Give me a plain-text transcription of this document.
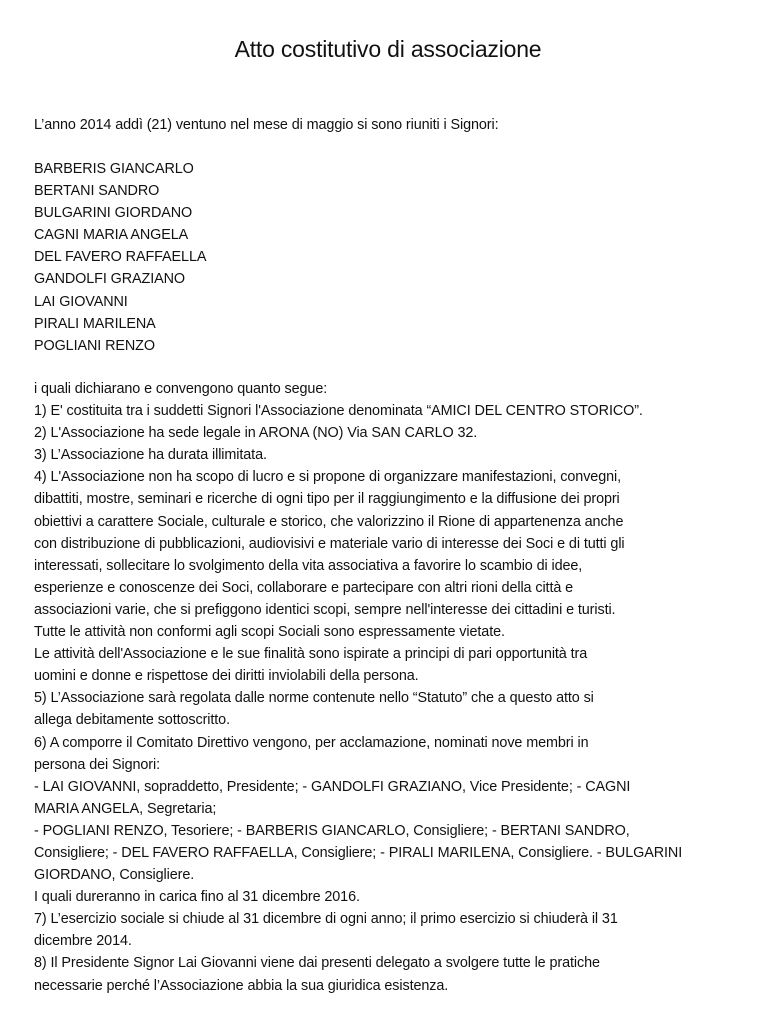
Atto costitutivo di associazione
L’anno 2014 addì (21) ventuno nel mese di maggio si sono riuniti i Signori:
BARBERIS GIANCARLO
BERTANI SANDRO
BULGARINI GIORDANO
CAGNI MARIA ANGELA
DEL FAVERO RAFFAELLA
GANDOLFI GRAZIANO
LAI GIOVANNI
PIRALI MARILENA
POGLIANI RENZO
i quali dichiarano e convengono quanto segue:
1) E' costituita tra i suddetti Signori l'Associazione denominata “AMICI DEL CENTRO STORICO”.
2) L'Associazione ha sede legale in ARONA (NO) Via SAN CARLO 32.
3) L’Associazione ha durata illimitata.
4) L'Associazione non ha scopo di lucro e si propone di organizzare manifestazioni, convegni,
dibattiti, mostre, seminari e ricerche di ogni tipo per il raggiungimento e la diffusione dei propri
obiettivi a carattere Sociale, culturale e storico, che valorizzino il Rione di appartenenza anche
con distribuzione di pubblicazioni, audiovisivi e materiale vario di interesse dei Soci e di tutti gli
interessati, sollecitare lo svolgimento della vita associativa a favorire lo scambio di idee,
esperienze e conoscenze dei Soci, collaborare e partecipare con altri rioni della città e
associazioni varie, che si prefiggono identici scopi, sempre nell'interesse dei cittadini e turisti.
Tutte le attività non conformi agli scopi Sociali sono espressamente vietate.
Le attività dell'Associazione e le sue finalità sono ispirate a principi di pari opportunità tra
uomini e donne e rispettose dei diritti inviolabili della persona.
5) L’Associazione sarà regolata dalle norme contenute nello “Statuto” che a questo atto si
allega debitamente sottoscritto.
6) A comporre il Comitato Direttivo vengono, per acclamazione, nominati nove membri in
persona dei Signori:
- LAI GIOVANNI, sopraddetto, Presidente; - GANDOLFI GRAZIANO, Vice Presidente; - CAGNI
MARIA ANGELA, Segretaria;
- POGLIANI RENZO, Tesoriere; - BARBERIS GIANCARLO, Consigliere; - BERTANI SANDRO,
Consigliere; - DEL FAVERO RAFFAELLA, Consigliere; - PIRALI MARILENA, Consigliere. - BULGARINI
GIORDANO, Consigliere.
I quali dureranno in carica fino al 31 dicembre 2016.
7) L’esercizio sociale si chiude al 31 dicembre di ogni anno; il primo esercizio si chiuderà il 31
dicembre 2014.
8) Il Presidente Signor Lai Giovanni viene dai presenti delegato a svolgere tutte le pratiche
necessarie perché l’Associazione abbia la sua giuridica esistenza.
